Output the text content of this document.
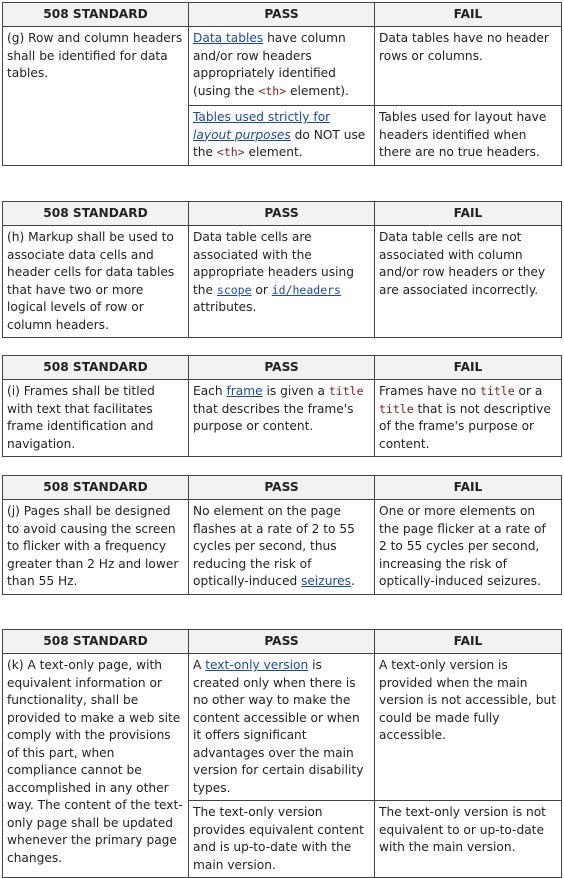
508 STANDARD	PASS	FAIL
(g) Row and column headers shall be identified for data tables.	Data tables have column and/or row headers appropriately identified (using the <th> element).	Data tables have no header rows or columns.
	Tables used strictly for layout purposes do NOT use the <th> element.	Tables used for layout have headers identified when there are no true headers.
508 STANDARD	PASS	FAIL
(h) Markup shall be used to associate data cells and header cells for data tables that have two or more logical levels of row or column headers.	Data table cells are associated with the appropriate headers using the scope or id/headers attributes.	Data table cells are not associated with column and/or row headers or they are associated incorrectly.
508 STANDARD	PASS	FAIL
(i) Frames shall be titled with text that facilitates frame identification and navigation.	Each frame is given a title that describes the frame's purpose or content.	Frames have no title or a title that is not descriptive of the frame's purpose or content.
508 STANDARD	PASS	FAIL
(j) Pages shall be designed to avoid causing the screen to flicker with a frequency greater than 2 Hz and lower than 55 Hz.	No element on the page flashes at a rate of 2 to 55 cycles per second, thus reducing the risk of optically-induced seizures.	One or more elements on the page flicker at a rate of 2 to 55 cycles per second, increasing the risk of optically-induced seizures.
508 STANDARD	PASS	FAIL
(k) A text-only page, with equivalent information or functionality, shall be provided to make a web site comply with the provisions of this part, when compliance cannot be accomplished in any other way. The content of the text-only page shall be updated whenever the primary page changes.	A text-only version is created only when there is no other way to make the content accessible or when it offers significant advantages over the main version for certain disability types.	A text-only version is provided when the main version is not accessible, but could be made fully accessible.
	The text-only version provides equivalent content and is up-to-date with the main version.	The text-only version is not equivalent to or up-to-date with the main version.
